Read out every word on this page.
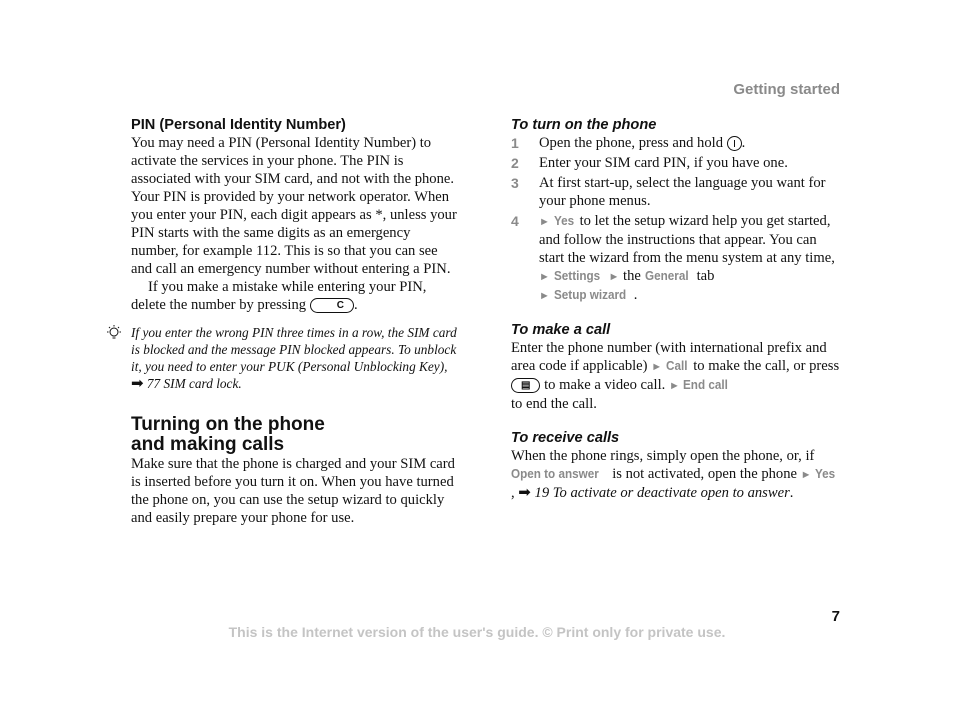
Getting started
PIN (Personal Identity Number)

You may need a PIN (Personal Identity Number) to activate the services in your phone. The PIN is associated with your SIM card, and not with the phone. Your PIN is provided by your network operator. When you enter your PIN, each digit appears as *, unless your PIN starts with the same digits as an emergency number, for example 112. This is so that you can see and call an emergency number without entering a PIN.

If you make a mistake while entering your PIN, delete the number by pressing	C .

If you enter the wrong PIN three times in a row, the SIM card is blocked and the message PIN blocked appears. To unblock it, you need to enter your PUK (Personal Unblocking Key), ➡ 77 SIM card lock.
Turning on the phone
and making calls

Make sure that the phone is charged and your SIM card is inserted before you turn it on. When you have turned the phone on, you can use the setup wizard to quickly and easily prepare your phone for use.

To turn on the phone
1 Open the phone, press and hold .
2 Enter your SIM card PIN, if you have one.
3 At first start-up, select the language you want for your phone menus.
4 ► Yes to let the setup wizard help you get started, and follow the instructions that appear. You can start the wizard from the menu system at any time, ► Settings ► the General tab
► Setup wizard .
To make a call

Enter the phone number (with international prefix and area code if applicable) ► Call to make the call, or press ▤ to make a video call. ► End call
to end the call.

To receive calls

When the phone rings, simply open the phone, or, if Open to answer is not activated, open the phone ► Yes, ➡ 19 To activate or deactivate open to answer.

7
This is the Internet version of the user's guide. © Print only for private use.
